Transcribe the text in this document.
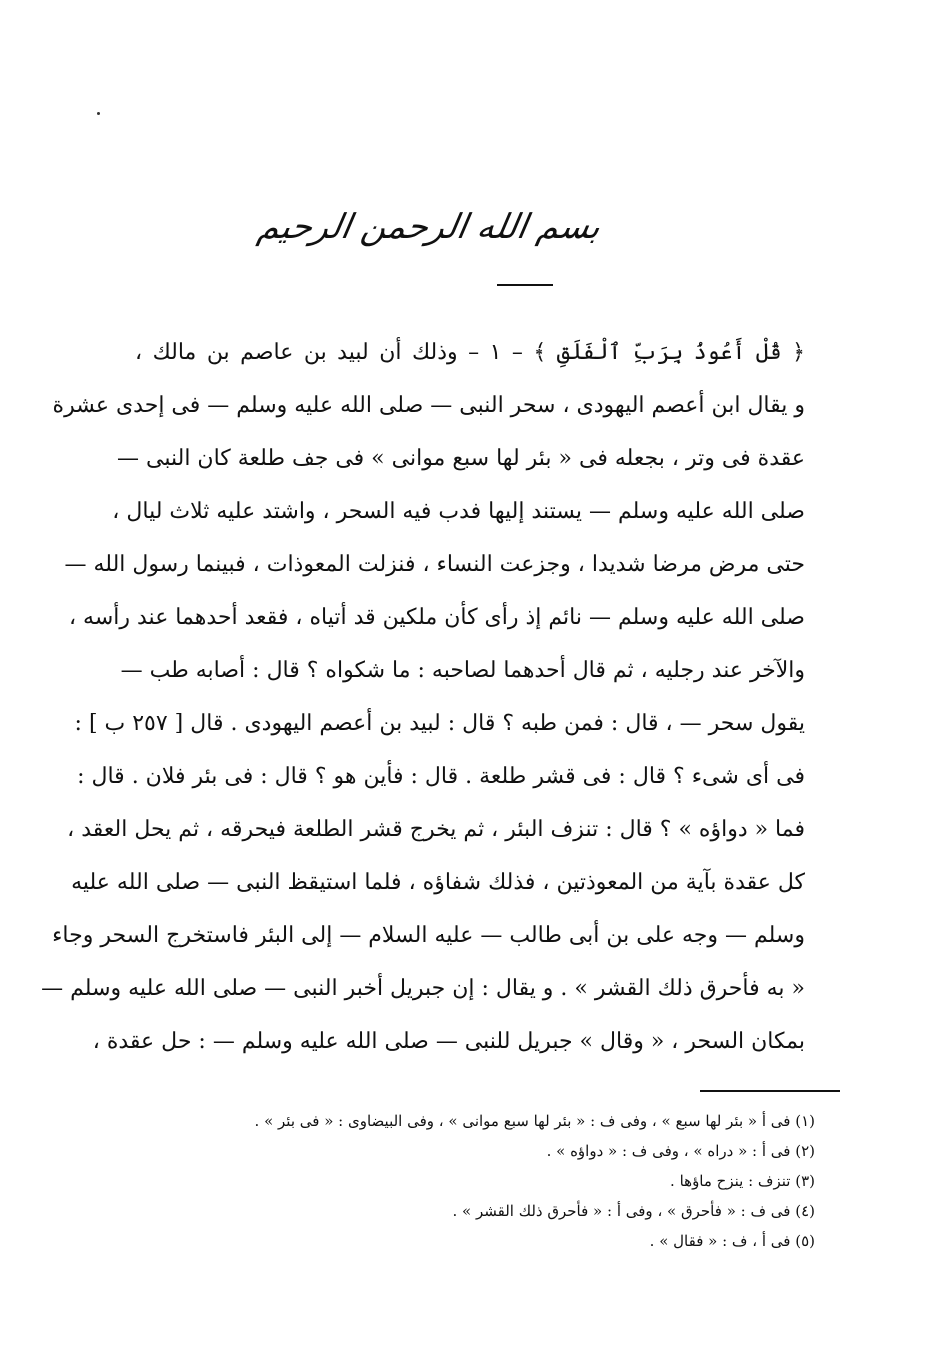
بسم الله الرحمن الرحيم
﴿ قُلْ أَعُوذُ بِرَبِّ ٱلْفَلَقِ ﴾ – ١ – وذلك أن لبيد بن عاصم بن مالك ،
و يقال ابن أعصم اليهودى ، سحر النبى — صلى الله عليه وسلم — فى إحدى عشرة
عقدة فى وتر ، بجعله فى « بئر لها سبع موانى » فى جف طلعة كان النبى —
صلى الله عليه وسلم — يستند إليها فدب فيه السحر ، واشتد عليه ثلاث ليال ،
حتى مرض مرضا شديدا ، وجزعت النساء ، فنزلت المعوذات ، فبينما رسول الله —
صلى الله عليه وسلم — نائم إذ رأى كأن ملكين قد أتياه ، فقعد أحدهما عند رأسه ،
والآخر عند رجليه ، ثم قال أحدهما لصاحبه : ما شكواه ؟ قال : أصابه طب —
يقول سحر — ، قال : فمن طبه ؟ قال : لبيد بن أعصم اليهودى . قال [ ٢٥٧ ب ] :
فى أى شىء ؟ قال : فى قشر طلعة . قال : فأين هو ؟ قال : فى بئر فلان . قال :
فما « دواؤه » ؟ قال : تنزف البئر ، ثم يخرج قشر الطلعة فيحرقه ، ثم يحل العقد ،
كل عقدة بآية من المعوذتين ، فذلك شفاؤه ، فلما استيقظ النبى — صلى الله عليه
وسلم — وجه على بن أبى طالب — عليه السلام — إلى البئر فاستخرج السحر وجاء
« به فأحرق ذلك القشر » . و يقال : إن جبريل أخبر النبى — صلى الله عليه وسلم —
بمكان السحر ، « وقال » جبريل للنبى — صلى الله عليه وسلم — : حل عقدة ،
(١) فى أ « بئر لها سبع » ، وفى ف : « بئر لها سبع موانى » ، وفى البيضاوى : « فى بئر » .
(٢) فى أ : « دراه » ، وفى ف : « دواؤه » .
(٣) تنزف : ينزح ماؤها .
(٤) فى ف : « فأحرق » ، وفى أ : « فأحرق ذلك القشر » .
(٥) فى أ ، ف : « فقال » .
